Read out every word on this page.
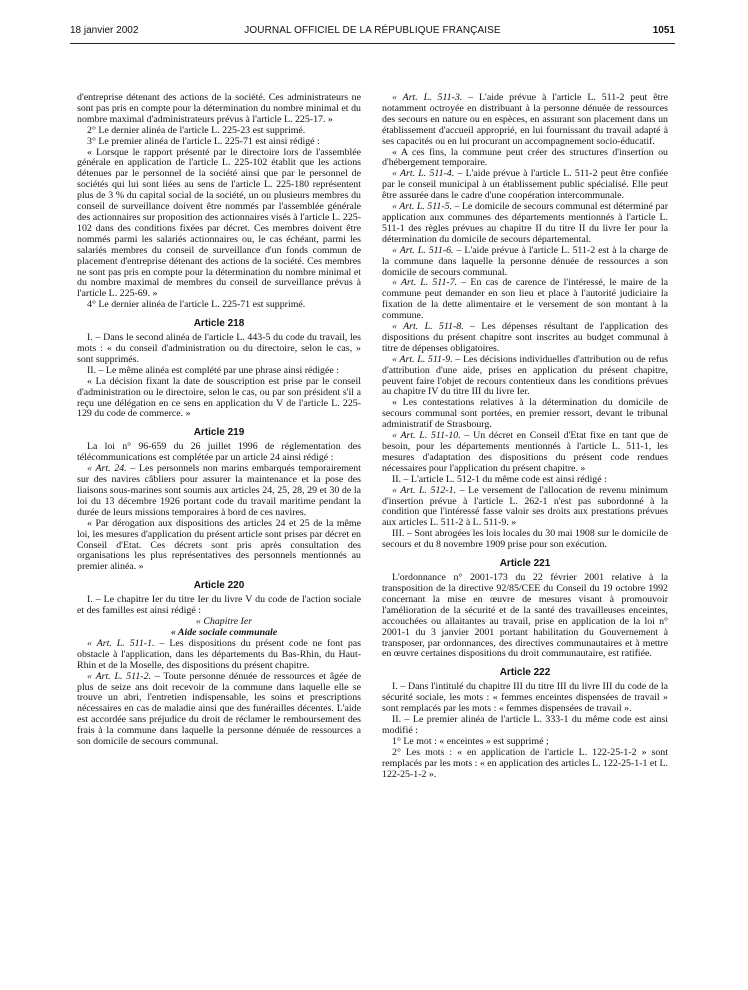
18 janvier 2002	JOURNAL OFFICIEL DE LA RÉPUBLIQUE FRANÇAISE	1051

d'entreprise détenant des actions de la société. Ces administrateurs ne sont pas pris en compte pour la détermination du nombre minimal et du nombre maximal d'administrateurs prévus à l'article L. 225-17. »

2° Le dernier alinéa de l'article L. 225-23 est supprimé.

3° Le premier alinéa de l'article L. 225-71 est ainsi rédigé :

« Lorsque le rapport présenté par le directoire lors de l'assemblée générale en application de l'article L. 225-102 établit que les actions détenues par le personnel de la société ainsi que par le personnel de sociétés qui lui sont liées au sens de l'article L. 225-180 représentent plus de 3 % du capital social de la société, un ou plusieurs membres du conseil de surveillance doivent être nommés par l'assemblée générale des actionnaires sur proposition des actionnaires visés à l'article L. 225-102 dans des conditions fixées par décret. Ces membres doivent être nommés parmi les salariés actionnaires ou, le cas échéant, parmi les salariés membres du conseil de surveillance d'un fonds commun de placement d'entreprise détenant des actions de la société. Ces membres ne sont pas pris en compte pour la détermination du nombre minimal et du nombre maximal de membres du conseil de surveillance prévus à l'article L. 225-69. »

4° Le dernier alinéa de l'article L. 225-71 est supprimé.

Article 218

I. – Dans le second alinéa de l'article L. 443-5 du code du travail, les mots : « du conseil d'administration ou du directoire, selon le cas, » sont supprimés.

II. – Le même alinéa est complété par une phrase ainsi rédigée :

« La décision fixant la date de souscription est prise par le conseil d'administration ou le directoire, selon le cas, ou par son président s'il a reçu une délégation en ce sens en application du V de l'article L. 225-129 du code de commerce. »

Article 219

La loi n° 96-659 du 26 juillet 1996 de réglementation des télécommunications est complétée par un article 24 ainsi rédigé :

« Art. 24. – Les personnels non marins embarqués temporairement sur des navires câbliers pour assurer la maintenance et la pose des liaisons sous-marines sont soumis aux articles 24, 25, 28, 29 et 30 de la loi du 13 décembre 1926 portant code du travail maritime pendant la durée de leurs missions temporaires à bord de ces navires.

« Par dérogation aux dispositions des articles 24 et 25 de la même loi, les mesures d'application du présent article sont prises par décret en Conseil d'Etat. Ces décrets sont pris après consultation des organisations les plus représentatives des personnels mentionnés au premier alinéa. »

Article 220

I. – Le chapitre Ier du titre Ier du livre V du code de l'action sociale et des familles est ainsi rédigé :

« Chapitre Ier

« Aide sociale communale

« Art. L. 511-1. – Les dispositions du présent code ne font pas obstacle à l'application, dans les départements du Bas-Rhin, du Haut-Rhin et de la Moselle, des dispositions du présent chapitre.

« Art. L. 511-2. – Toute personne dénuée de ressources et âgée de plus de seize ans doit recevoir de la commune dans laquelle elle se trouve un abri, l'entretien indispensable, les soins et prescriptions nécessaires en cas de maladie ainsi que des funérailles décentes. L'aide est accordée sans préjudice du droit de réclamer le remboursement des frais à la commune dans laquelle la personne dénuée de ressources a son domicile de secours communal.

« Art. L. 511-3. – L'aide prévue à l'article L. 511-2 peut être notamment octroyée en distribuant à la personne dénuée de ressources des secours en nature ou en espèces, en assurant son placement dans un établissement d'accueil approprié, en lui fournissant du travail adapté à ses capacités ou en lui procurant un accompagnement socio-éducatif.

« A ces fins, la commune peut créer des structures d'insertion ou d'hébergement temporaire.

« Art. L. 511-4. – L'aide prévue à l'article L. 511-2 peut être confiée par le conseil municipal à un établissement public spécialisé. Elle peut être assurée dans le cadre d'une coopération intercommunale.

« Art. L. 511-5. – Le domicile de secours communal est déterminé par application aux communes des départements mentionnés à l'article L. 511-1 des règles prévues au chapitre II du titre II du livre Ier pour la détermination du domicile de secours départemental.

« Art. L. 511-6. – L'aide prévue à l'article L. 511-2 est à la charge de la commune dans laquelle la personne dénuée de ressources a son domicile de secours communal.

« Art. L. 511-7. – En cas de carence de l'intéressé, le maire de la commune peut demander en son lieu et place à l'autorité judiciaire la fixation de la dette alimentaire et le versement de son montant à la commune.

« Art. L. 511-8. – Les dépenses résultant de l'application des dispositions du présent chapitre sont inscrites au budget communal à titre de dépenses obligatoires.

« Art. L. 511-9. – Les décisions individuelles d'attribution ou de refus d'attribution d'une aide, prises en application du présent chapitre, peuvent faire l'objet de recours contentieux dans les conditions prévues au chapitre IV du titre III du livre Ier.

« Les contestations relatives à la détermination du domicile de secours communal sont portées, en premier ressort, devant le tribunal administratif de Strasbourg.

« Art. L. 511-10. – Un décret en Conseil d'Etat fixe en tant que de besoin, pour les départements mentionnés à l'article L. 511-1, les mesures d'adaptation des dispositions du présent code rendues nécessaires pour l'application du présent chapitre. »

II. – L'article L. 512-1 du même code est ainsi rédigé :

« Art. L. 512-1. – Le versement de l'allocation de revenu minimum d'insertion prévue à l'article L. 262-1 n'est pas subordonné à la condition que l'intéressé fasse valoir ses droits aux prestations prévues aux articles L. 511-2 à L. 511-9. »

III. – Sont abrogées les lois locales du 30 mai 1908 sur le domicile de secours et du 8 novembre 1909 prise pour son exécution.

Article 221

L'ordonnance n° 2001-173 du 22 février 2001 relative à la transposition de la directive 92/85/CEE du Conseil du 19 octobre 1992 concernant la mise en œuvre de mesures visant à promouvoir l'amélioration de la sécurité et de la santé des travailleuses enceintes, accouchées ou allaitantes au travail, prise en application de la loi n° 2001-1 du 3 janvier 2001 portant habilitation du Gouvernement à transposer, par ordonnances, des directives communautaires et à mettre en œuvre certaines dispositions du droit communautaire, est ratifiée.

Article 222

I. – Dans l'intitulé du chapitre III du titre III du livre III du code de la sécurité sociale, les mots : « femmes enceintes dispensées de travail » sont remplacés par les mots : « femmes dispensées de travail ».

II. – Le premier alinéa de l'article L. 333-1 du même code est ainsi modifié :

1° Le mot : « enceintes » est supprimé ;

2° Les mots : « en application de l'article L. 122-25-1-2 » sont remplacés par les mots : « en application des articles L. 122-25-1-1 et L. 122-25-1-2 ».
